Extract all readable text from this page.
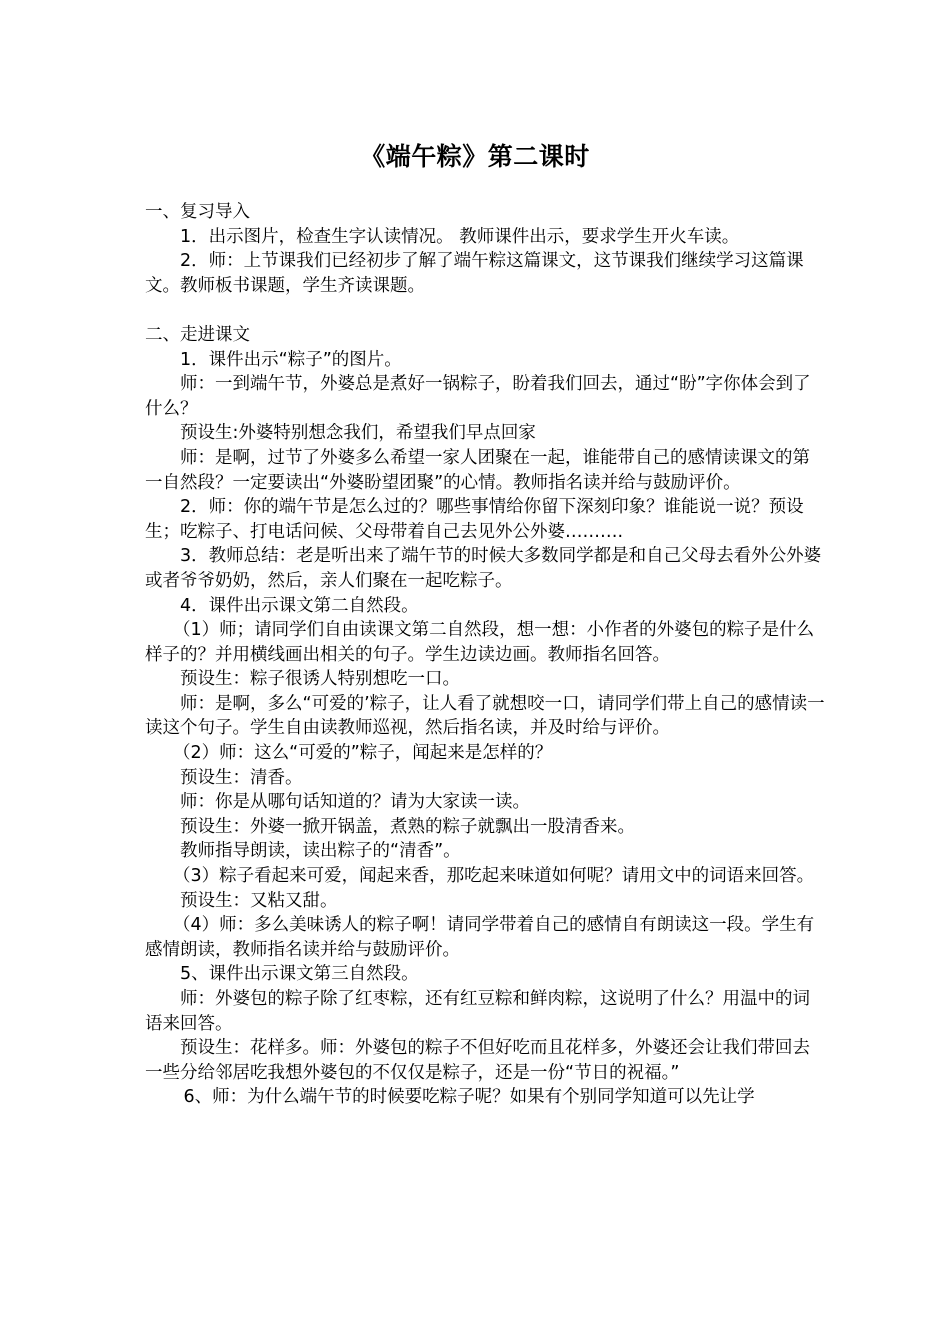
《端午粽》第二课时

一、复习导入

1．出示图片，检查生字认读情况。 教师课件出示，要求学生开火车读。

2．师：上节课我们已经初步了解了端午粽这篇课文，这节课我们继续学习这篇课文。教师板书课题，学生齐读课题。

二、走进课文

1．课件出示“粽子”的图片。

师：一到端午节，外婆总是煮好一锅粽子，盼着我们回去，通过“盼”字你体会到了什么？

预设生:外婆特别想念我们，希望我们早点回家

师：是啊，过节了外婆多么希望一家人团聚在一起，谁能带自己的感情读课文的第一自然段？一定要读出“外婆盼望团聚”的心情。教师指名读并给与鼓励评价。

2．师：你的端午节是怎么过的？哪些事情给你留下深刻印象？谁能说一说？预设生；吃粽子、打电话问候、父母带着自己去见外公外婆……….

3．教师总结：老是听出来了端午节的时候大多数同学都是和自己父母去看外公外婆或者爷爷奶奶，然后，亲人们聚在一起吃粽子。

4．课件出示课文第二自然段。

（1）师；请同学们自由读课文第二自然段，想一想：小作者的外婆包的粽子是什么样子的？并用横线画出相关的句子。学生边读边画。教师指名回答。

预设生：粽子很诱人特别想吃一口。

师：是啊，多么“可爱的’粽子，让人看了就想咬一口，请同学们带上自己的感情读一读这个句子。学生自由读教师巡视，然后指名读，并及时给与评价。

（2）师：这么“可爱的”粽子，闻起来是怎样的？

预设生：清香。

师：你是从哪句话知道的？请为大家读一读。

预设生：外婆一掀开锅盖，煮熟的粽子就飘出一股清香来。

教师指导朗读，读出粽子的“清香”。

（3）粽子看起来可爱，闻起来香，那吃起来味道如何呢？请用文中的词语来回答。

预设生：又粘又甜。

（4）师：多么美味诱人的粽子啊！请同学带着自己的感情自有朗读这一段。学生有感情朗读，教师指名读并给与鼓励评价。

5、课件出示课文第三自然段。

师：外婆包的粽子除了红枣粽，还有红豆粽和鲜肉粽，这说明了什么？用温中的词语来回答。

预设生：花样多。师：外婆包的粽子不但好吃而且花样多，外婆还会让我们带回去一些分给邻居吃我想外婆包的不仅仅是粽子，还是一份“节日的祝福。”

6、师：为什么端午节的时候要吃粽子呢？如果有个别同学知道可以先让学
